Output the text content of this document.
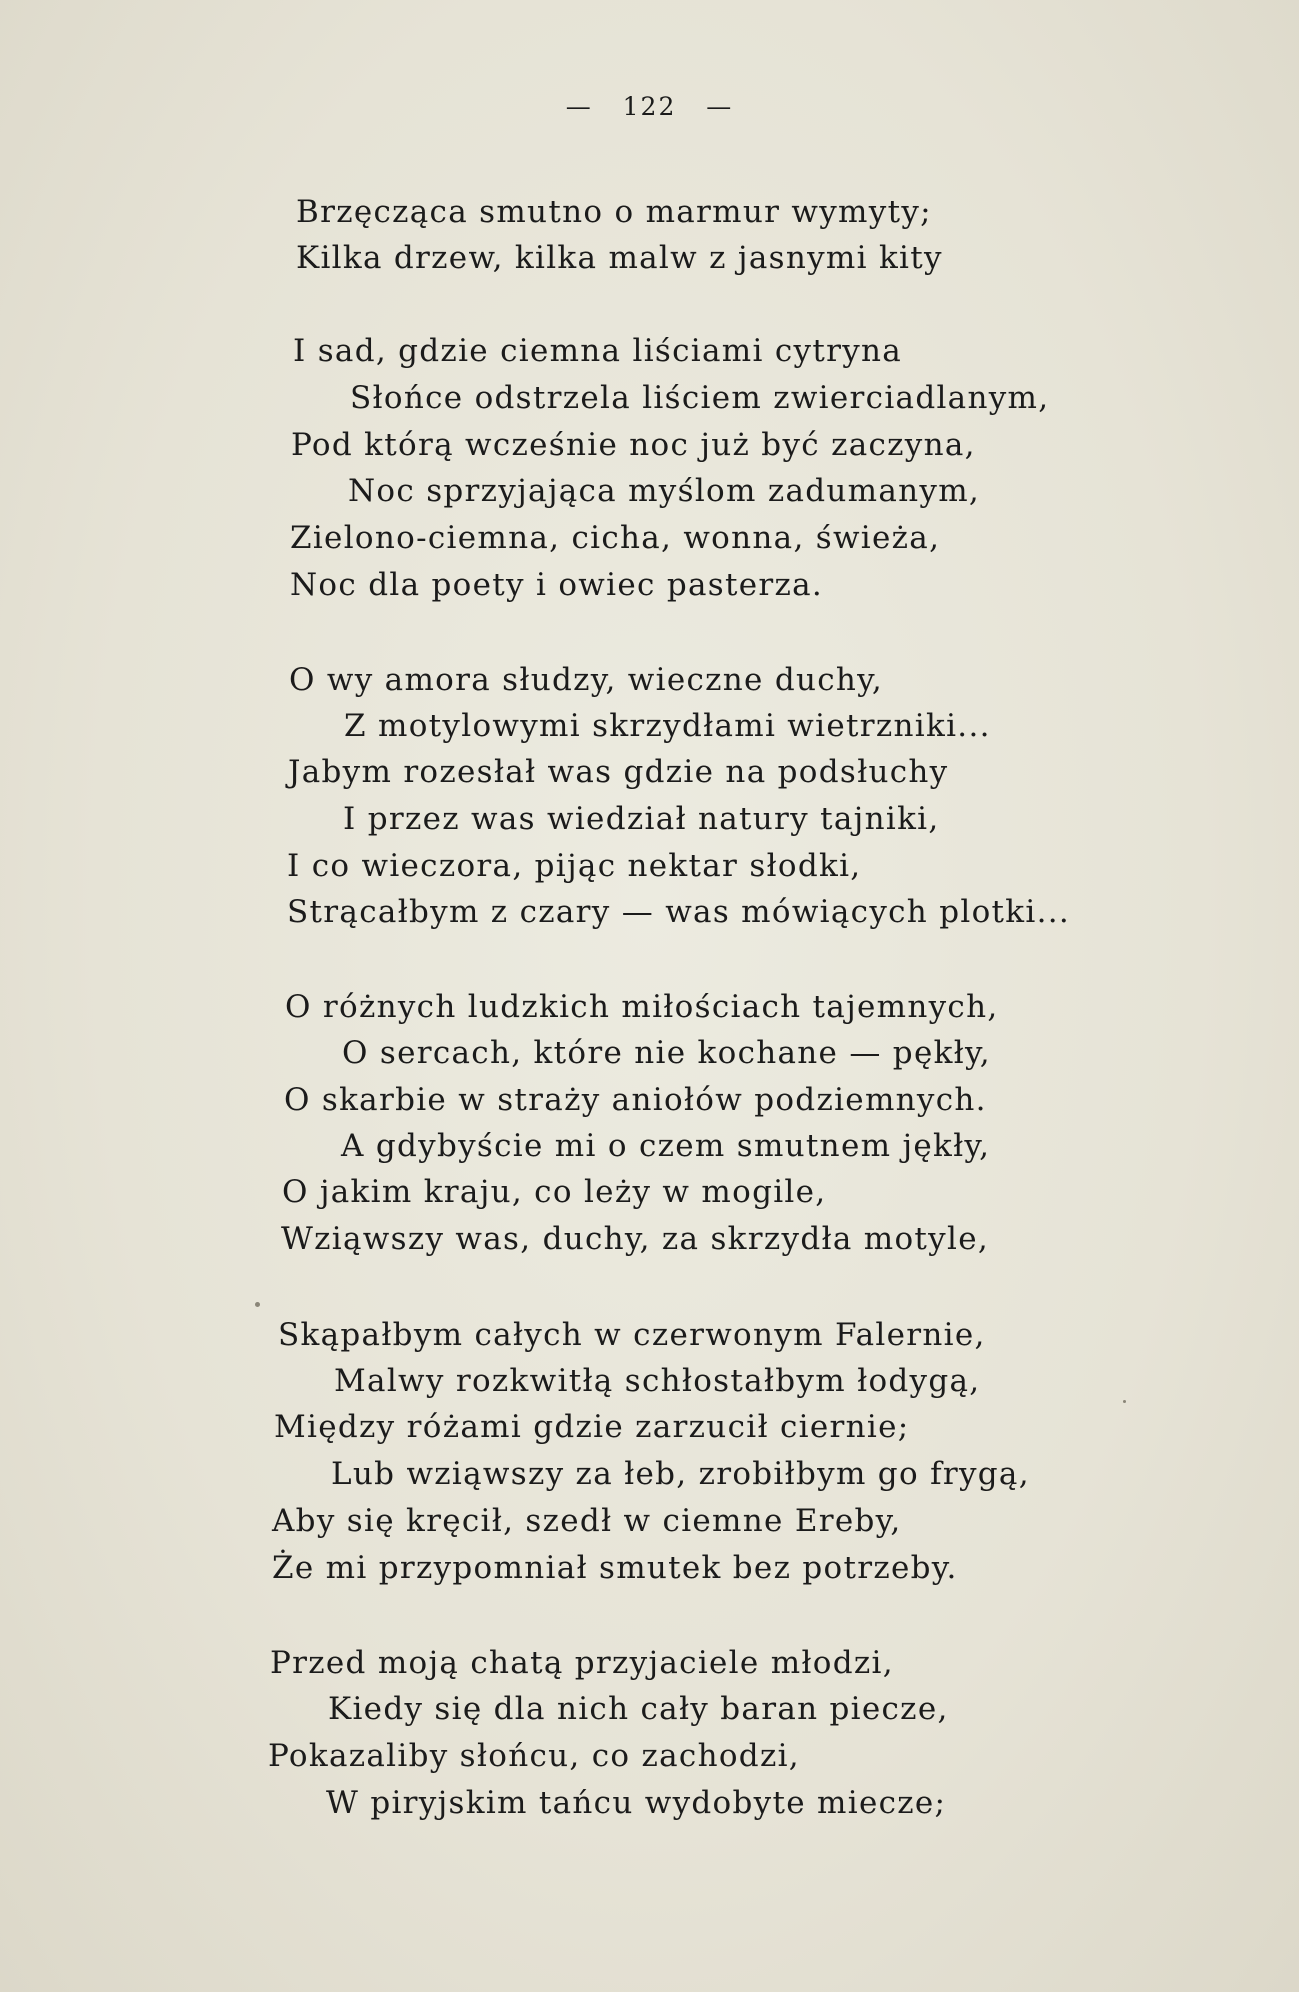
— 122 —
Brzęcząca smutno o marmur wymyty;
Kilka drzew, kilka malw z jasnymi kity
I sad, gdzie ciemna liściami cytryna
Słońce odstrzela liściem zwierciadlanym,
Pod którą wcześnie noc już być zaczyna,
Noc sprzyjająca myślom zadumanym,
Zielono-ciemna, cicha, wonna, świeża,
Noc dla poety i owiec pasterza.
O wy amora słudzy, wieczne duchy,
Z motylowymi skrzydłami wietrzniki...
Jabym rozesłał was gdzie na podsłuchy
I przez was wiedział natury tajniki,
I co wieczora, pijąc nektar słodki,
Strącałbym z czary — was mówiących plotki...
O różnych ludzkich miłościach tajemnych,
O sercach, które nie kochane — pękły,
O skarbie w straży aniołów podziemnych.
A gdybyście mi o czem smutnem jękły,
O jakim kraju, co leży w mogile,
Wziąwszy was, duchy, za skrzydła motyle,
Skąpałbym całych w czerwonym Falernie,
Malwy rozkwitłą schłostałbym łodygą,
Między różami gdzie zarzucił ciernie;
Lub wziąwszy za łeb, zrobiłbym go frygą,
Aby się kręcił, szedł w ciemne Ereby,
Że mi przypomniał smutek bez potrzeby.
Przed moją chatą przyjaciele młodzi,
Kiedy się dla nich cały baran piecze,
Pokazaliby słońcu, co zachodzi,
W piryjskim tańcu wydobyte miecze;
